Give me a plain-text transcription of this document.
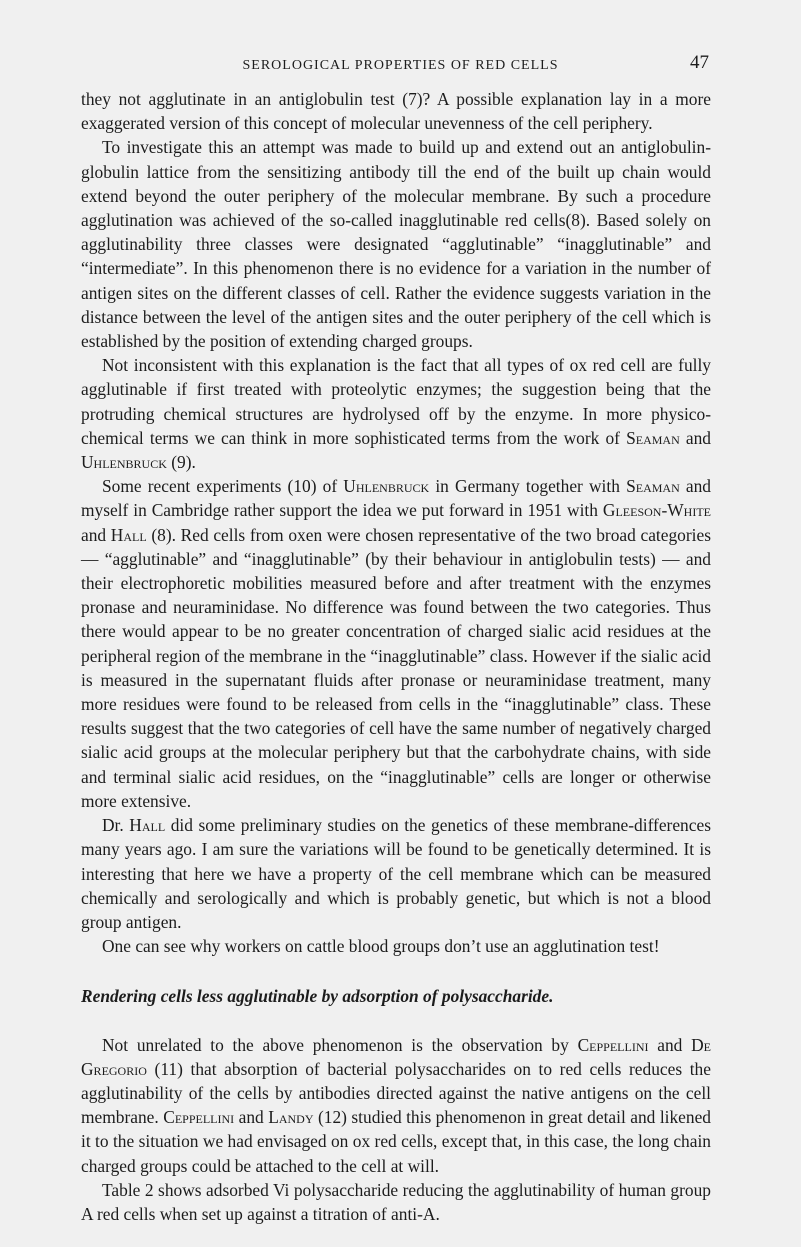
SEROLOGICAL PROPERTIES OF RED CELLS	47

they not agglutinate in an antiglobulin test (7)? A possible explanation lay in a more exaggerated version of this concept of molecular unevenness of the cell periphery.

To investigate this an attempt was made to build up and extend out an antiglobulin-globulin lattice from the sensitizing antibody till the end of the built up chain would extend beyond the outer periphery of the molecular membrane. By such a procedure agglutination was achieved of the so-called inagglutinable red cells(8). Based solely on agglutinability three classes were designated “agglutinable” “inagglutinable” and “intermediate”. In this phenomenon there is no evidence for a variation in the number of antigen sites on the different classes of cell. Rather the evidence suggests variation in the distance between the level of the antigen sites and the outer periphery of the cell which is established by the position of extending charged groups.

Not inconsistent with this explanation is the fact that all types of ox red cell are fully agglutinable if first treated with proteolytic enzymes; the suggestion being that the protruding chemical structures are hydrolysed off by the enzyme. In more physico-chemical terms we can think in more sophisticated terms from the work of Seaman and Uhlenbruck (9).

Some recent experiments (10) of Uhlenbruck in Germany together with Seaman and myself in Cambridge rather support the idea we put forward in 1951 with Gleeson-White and Hall (8). Red cells from oxen were chosen representative of the two broad categories — “agglutinable” and “inagglutinable” (by their behaviour in antiglobulin tests) — and their electrophoretic mobilities measured before and after treatment with the enzymes pronase and neuraminidase. No difference was found between the two categories. Thus there would appear to be no greater concentration of charged sialic acid residues at the peripheral region of the membrane in the “inagglutinable” class. However if the sialic acid is measured in the supernatant fluids after pronase or neuraminidase treatment, many more residues were found to be released from cells in the “inagglutinable” class. These results suggest that the two categories of cell have the same number of negatively charged sialic acid groups at the molecular periphery but that the carbohydrate chains, with side and terminal sialic acid residues, on the “inagglutinable” cells are longer or otherwise more extensive.

Dr. Hall did some preliminary studies on the genetics of these membrane-differences many years ago. I am sure the variations will be found to be genetically determined. It is interesting that here we have a property of the cell membrane which can be measured chemically and serologically and which is probably genetic, but which is not a blood group antigen.

One can see why workers on cattle blood groups don’t use an agglutination test!

Rendering cells less agglutinable by adsorption of polysaccharide.

Not unrelated to the above phenomenon is the observation by Ceppellini and De Gregorio (11) that absorption of bacterial polysaccharides on to red cells reduces the agglutinability of the cells by antibodies directed against the native antigens on the cell membrane. Ceppellini and Landy (12) studied this phenomenon in great detail and likened it to the situation we had envisaged on ox red cells, except that, in this case, the long chain charged groups could be attached to the cell at will.

Table 2 shows adsorbed Vi polysaccharide reducing the agglutinability of human group A red cells when set up against a titration of anti-A.
